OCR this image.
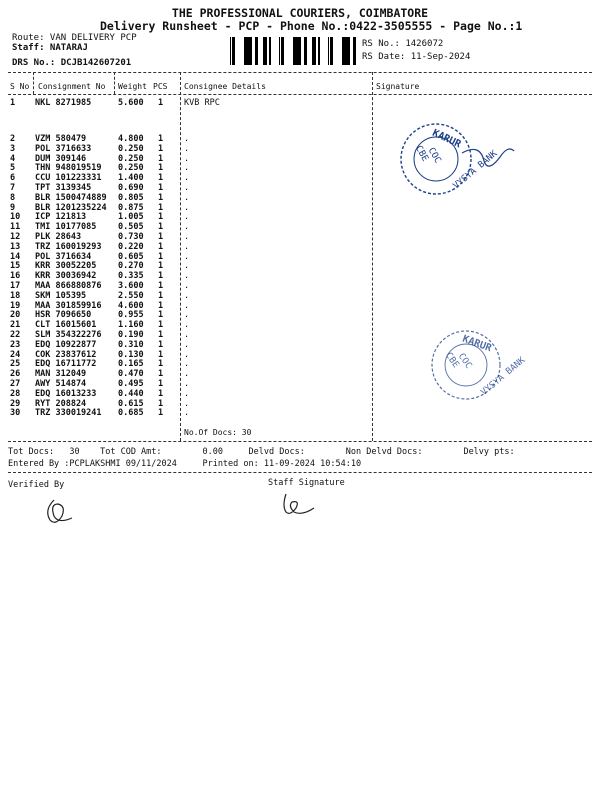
THE PROFESSIONAL COURIERS, COIMBATORE
Delivery Runsheet - PCP - Phone No.:0422-3505555 - Page No.:1
Route: VAN DELIVERY PCP
Staff: NATARAJ
DRS No.: DCJB142607201
RS No.: 1426072
RS Date: 11-Sep-2024
S No Consignment No Weight PCS Consignee Details	Signature
1 NKL 8271985	5.600 1 KVB RPC
2 VZM 580479	4.800 1 .
3 POL 3716633	0.250 1 .
4 DUM 309146	0.250 1 .
5 THN 948019519 0.250 1 .
6 CCU 101223331 1.400 1 .
7 TPT 3139345	0.690 1 .
8 BLR 1500474889 0.805 1 .
9 BLR 1201235224 0.875 1 .
10 ICP 121813	1.005 1 .
11 TMI 10177085	0.505 1 .
12 PLK 28643	0.730 1 .
13 TRZ 160019293 0.220 1 .
14 POL 3716634	0.605 1 .
15 KRR 30052205	0.270 1 .
16 KRR 30036942	0.335 1 .
17 MAA 866880876 3.600 1 .
18 SKM 105395	2.550 1 .
19 MAA 301859916 4.600 1 .
20 HSR 7096650	0.955 1 .
21 CLT 16015601	1.160 1 .
22 SLM 354322276 0.190 1 .
23 EDQ 10922877	0.310 1 .
24 COK 23837612	0.130 1 .
25 EDQ 16711772	0.165 1 .
26 MAN 312049	0.470 1 .
27 AWY 514874	0.495 1 .
28 EDQ 16013233	0.440 1 .
29 RYT 208824	0.615 1 .
30 TRZ 330019241 0.685 1 .
No.Of Docs: 30
KARUR
COC
CBE VYSYA BANK
KARUR
COC
CBE VYSYA BANK
Tot Docs:   30    Tot COD Amt:        0.00     Delvd Docs:        Non Delvd Docs:        Delvy pts:
Entered By :PCPLAKSHMI 09/11/2024     Printed on: 11-09-2024 10:54:10
Verified By	Staff Signature
